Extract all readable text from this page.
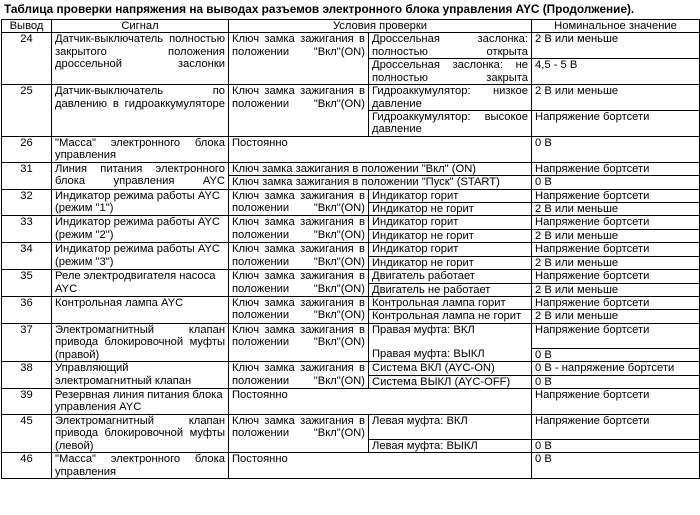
Таблица проверки напряжения на выводах разъемов электронного блока управления AYC (Продолжение).
Вывод	Сигнал	Условия проверки		Номинальное значение
24	Датчик-выключатель полностью закрытого положения дроссельной заслонки	Ключ замка зажигания в положении "Вкл"(ON)	Дроссельная заслонка: полностью открыта	2 В или меньше
			Дроссельная заслонка: не полностью закрыта	4,5 - 5 В
25	Датчик-выключатель по давлению в гидроаккумуляторе	Ключ замка зажигания в положении "Вкл"(ON)	Гидроаккумулятор: низкое давление	2 В или меньше
			Гидроаккумулятор: высокое давление	Напряжение бортсети
26	"Масса" электронного блока управления	Постоянно		0 В
31	Линия питания электронного блока управления AYC	Ключ замка зажигания в положении "Вкл" (ON)		Напряжение бортсети
		Ключ замка зажигания в положении "Пуск" (START)		0 В
32	Индикатор режима работы AYC (режим "1")	Ключ замка зажигания в положении "Вкл"(ON)	Индикатор горит	Напряжение бортсети
			Индикатор не горит	2 В или меньше
33	Индикатор режима работы AYC (режим "2")	Ключ замка зажигания в положении "Вкл"(ON)	Индикатор горит	Напряжение бортсети
			Индикатор не горит	2 В или меньше
34	Индикатор режима работы AYC (режим "3")	Ключ замка зажигания в положении "Вкл"(ON)	Индикатор горит	Напряжение бортсети
			Индикатор не горит	2 В или меньше
35	Реле электродвигателя насоса AYC	Ключ замка зажигания в положении "Вкл"(ON)	Двигатель работает	Напряжение бортсети
			Двигатель не работает	2 В или меньше
36	Контрольная лампа AYC	Ключ замка зажигания в положении "Вкл"(ON)	Контрольная лампа горит	Напряжение бортсети
			Контрольная лампа не горит	2 В или меньше
37	Электромагнитный клапан привода блокировочной муфты (правой)	Ключ замка зажигания в положении "Вкл"(ON)	Правая муфта: ВКЛ	Напряжение бортсети
			Правая муфта: ВЫКЛ	0 В
38	Управляющий электромагнитный клапан	Ключ замка зажигания в положении "Вкл"(ON)	Система ВКЛ (AYC-ON)	0 В - напряжение бортсети
			Система ВЫКЛ (AYC-OFF)	0 В
39	Резервная линия питания блока управления AYC	Постоянно		Напряжение бортсети
45	Электромагнитный клапан привода блокировочной муфты (левой)	Ключ замка зажигания в положении "Вкл"(ON)	Левая муфта: ВКЛ	Напряжение бортсети
			Левая муфта: ВЫКЛ	0 В
46	"Масса" электронного блока управления	Постоянно		0 В
